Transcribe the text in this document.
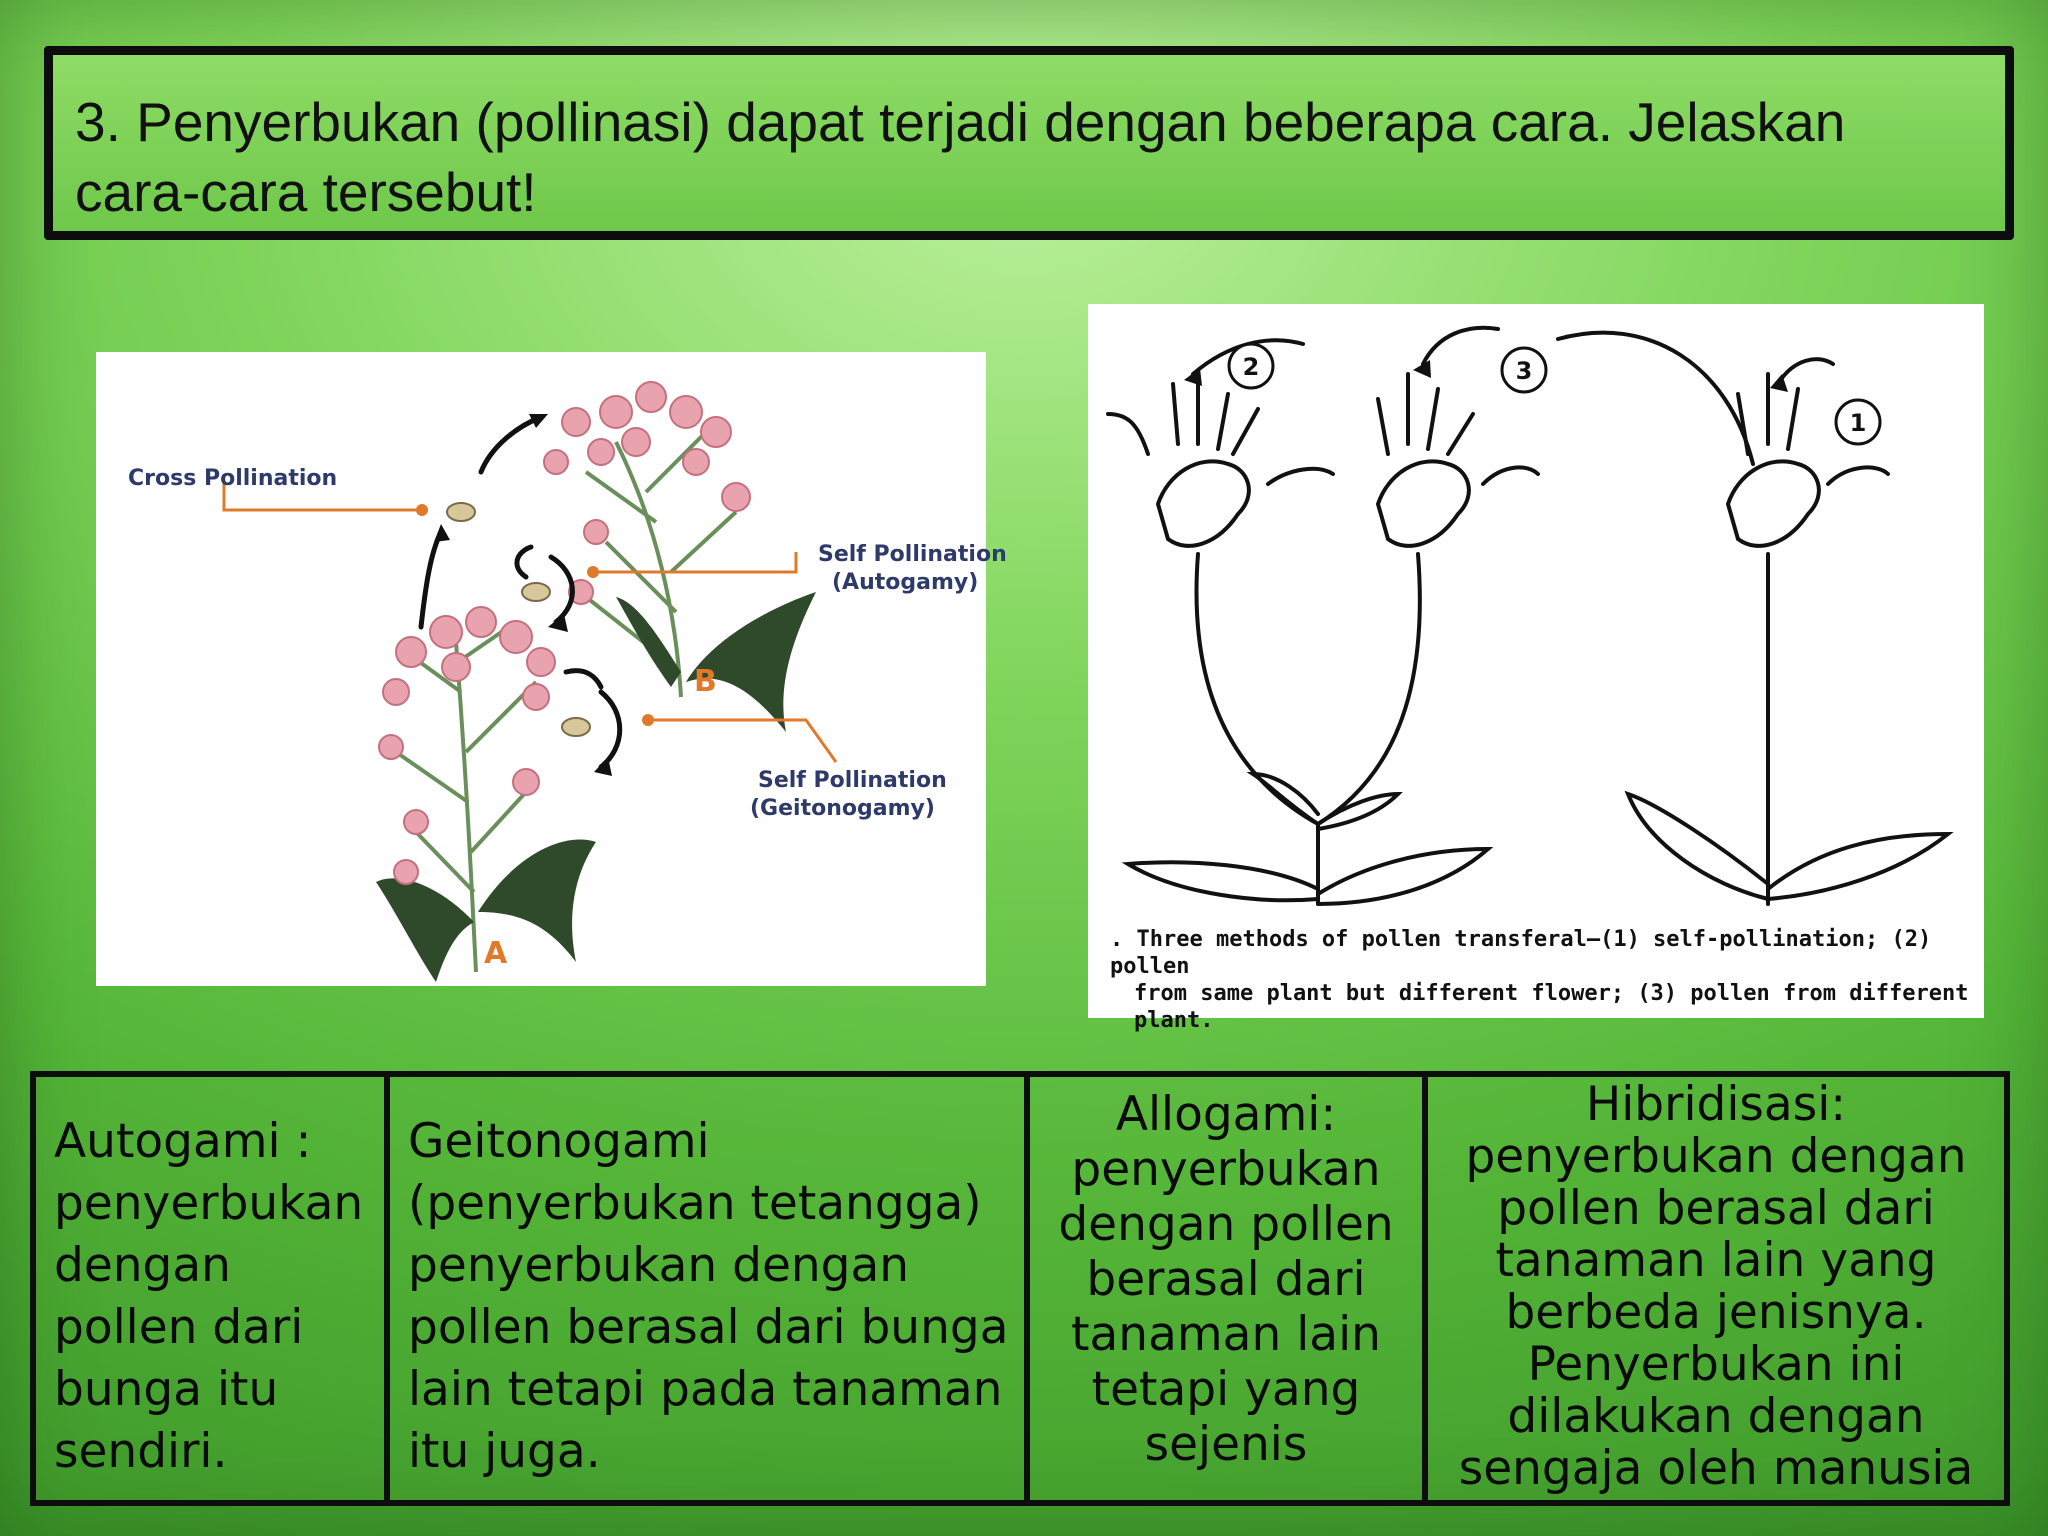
3. Penyerbukan (pollinasi) dapat terjadi dengan beberapa cara. Jelaskan cara-cara tersebut!

Cross Pollination
Self Pollination
(Autogamy)
Self Pollination
(Geitonogamy)
B
A
2	3
1
. Three methods of pollen transferal—(1) self-pollination; (2) pollen
from same plant but different flower; (3) pollen from different
plant.
Autogami :
penyerbukan
dengan
pollen dari
bunga itu
sendiri.
Geitonogami
(penyerbukan tetangga)
penyerbukan dengan
pollen berasal dari bunga
lain tetapi pada tanaman
itu juga.
Allogami:
penyerbukan
dengan pollen
berasal dari
tanaman lain
tetapi yang
sejenis
Hibridisasi:
penyerbukan dengan
pollen berasal dari
tanaman lain yang
berbeda jenisnya.
Penyerbukan ini
dilakukan dengan
sengaja oleh manusia
